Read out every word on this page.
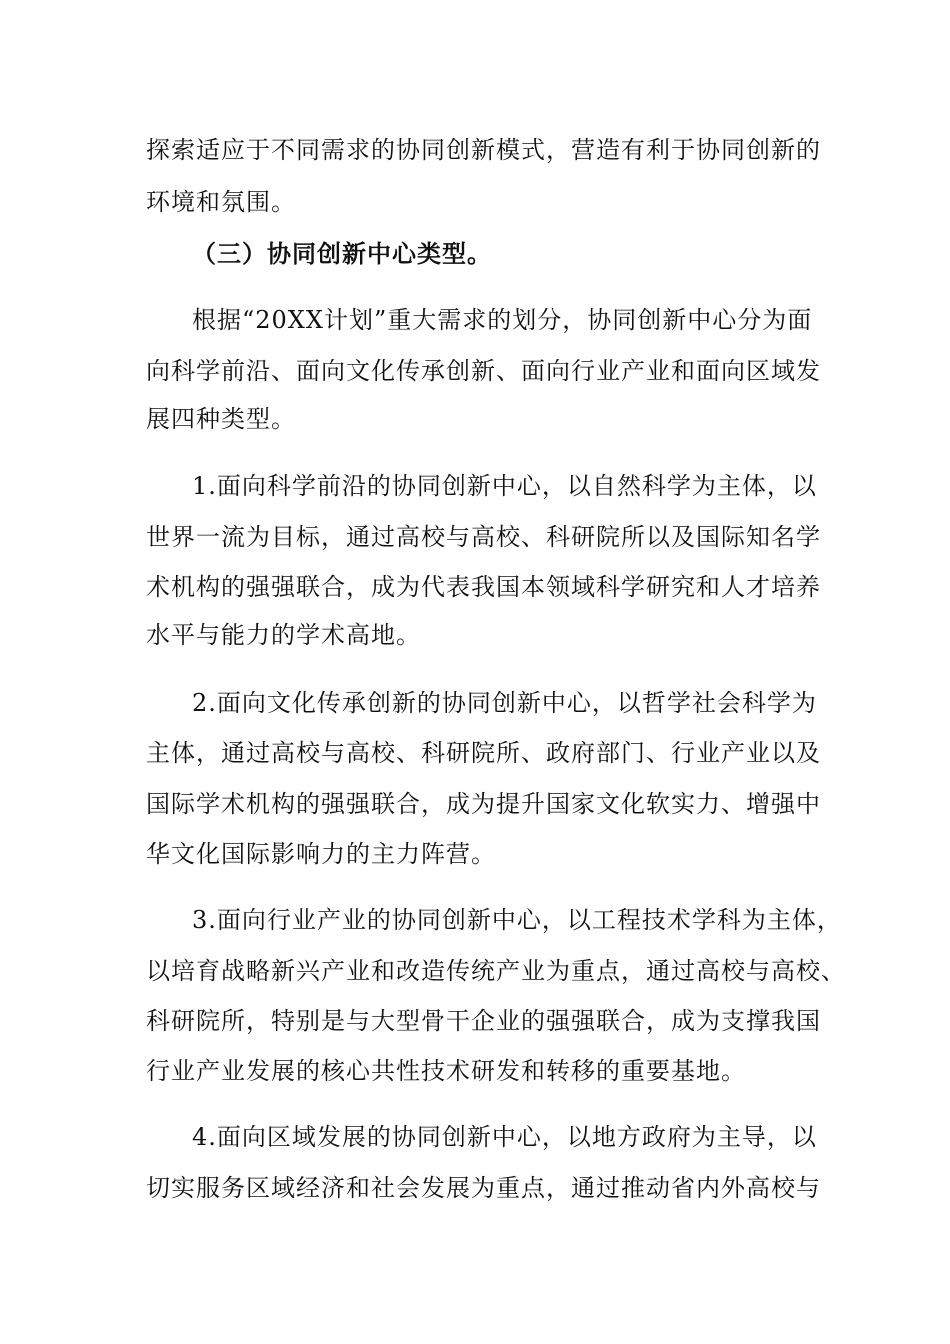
探索适应于不同需求的协同创新模式，营造有利于协同创新的
环境和氛围。
（三）协同创新中心类型。
根据“20XX计划”重大需求的划分，协同创新中心分为面
向科学前沿、面向文化传承创新、面向行业产业和面向区域发
展四种类型。
1.面向科学前沿的协同创新中心，以自然科学为主体，以
世界一流为目标，通过高校与高校、科研院所以及国际知名学
术机构的强强联合，成为代表我国本领域科学研究和人才培养
水平与能力的学术高地。
2.面向文化传承创新的协同创新中心，以哲学社会科学为
主体，通过高校与高校、科研院所、政府部门、行业产业以及
国际学术机构的强强联合，成为提升国家文化软实力、增强中
华文化国际影响力的主力阵营。
3.面向行业产业的协同创新中心，以工程技术学科为主体，
以培育战略新兴产业和改造传统产业为重点，通过高校与高校、
科研院所，特别是与大型骨干企业的强强联合，成为支撑我国
行业产业发展的核心共性技术研发和转移的重要基地。
4.面向区域发展的协同创新中心，以地方政府为主导，以
切实服务区域经济和社会发展为重点，通过推动省内外高校与
